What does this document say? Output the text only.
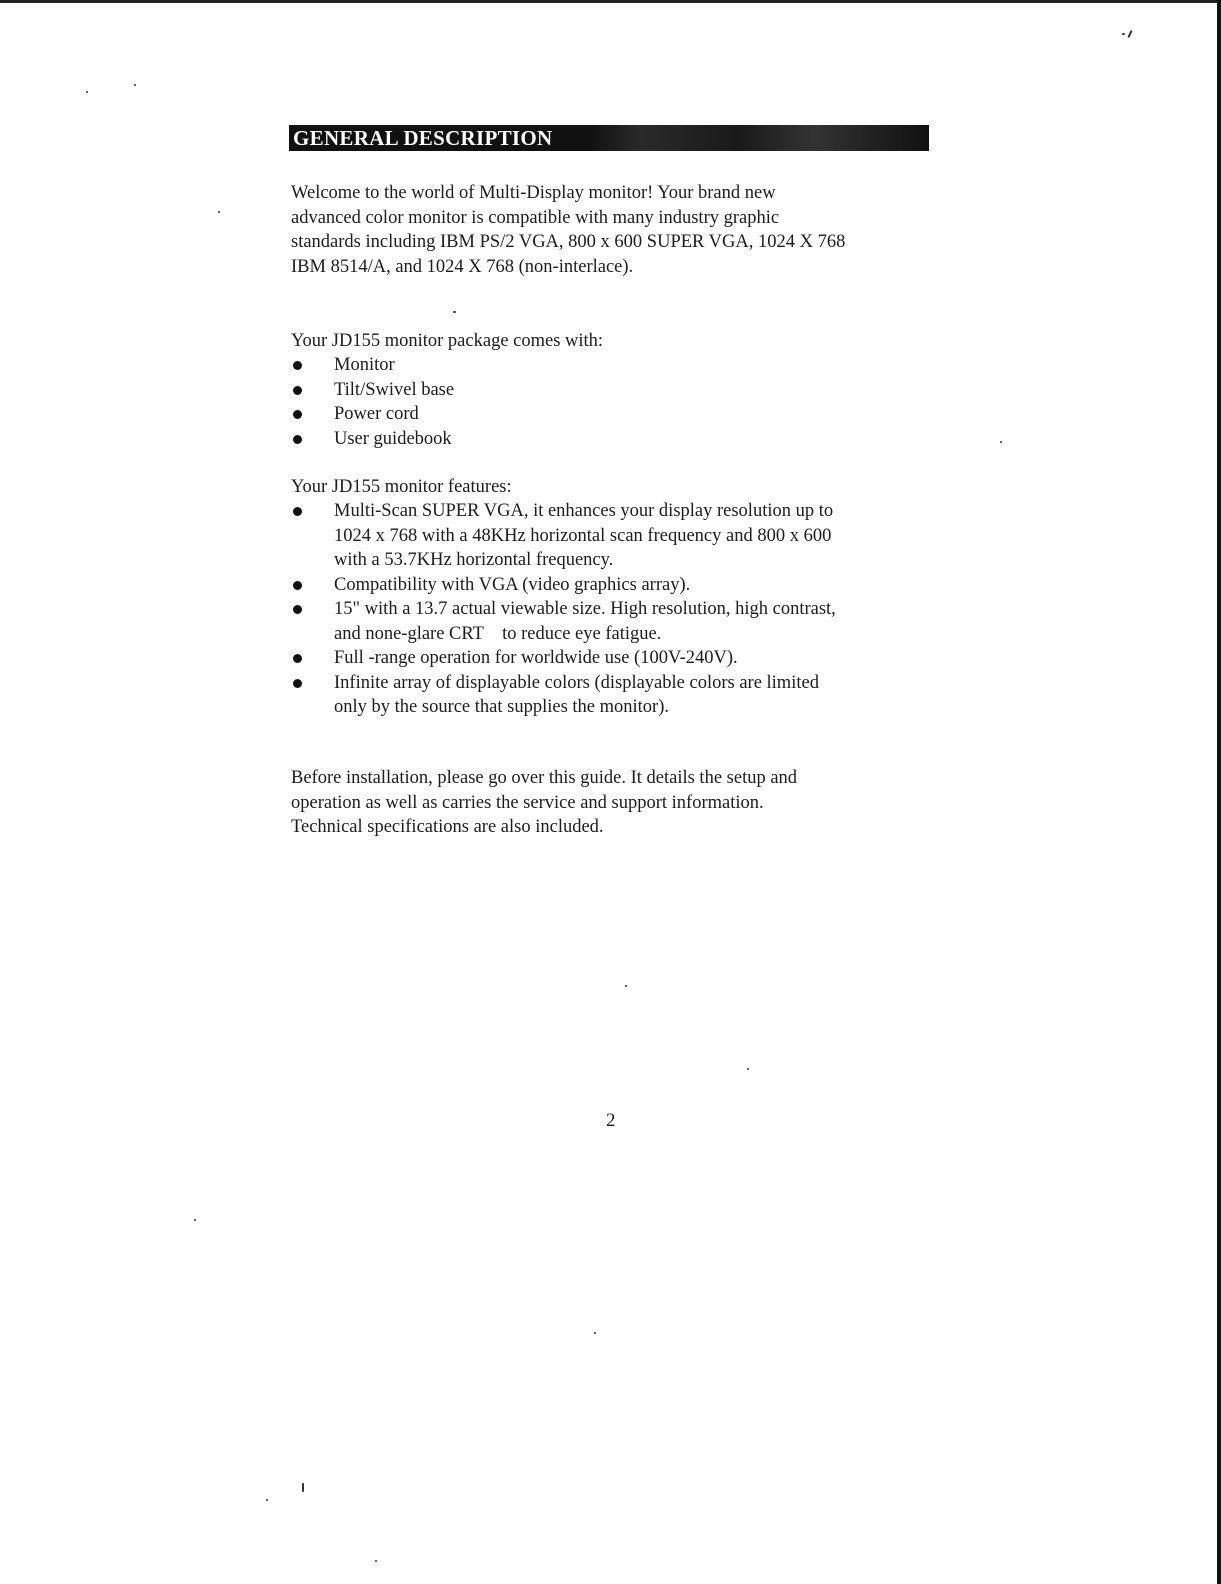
GENERAL DESCRIPTION
Welcome to the world of Multi-Display monitor! Your brand new
advanced color monitor is compatible with many industry graphic
standards including IBM PS/2 VGA, 800 x 600 SUPER VGA, 1024 X 768
IBM 8514/A, and 1024 X 768 (non-interlace).
Your JD155 monitor package comes with:
Monitor
Tilt/Swivel base
Power cord
User guidebook
Your JD155 monitor features:
Multi-Scan SUPER VGA, it enhances your display resolution up to
1024 x 768 with a 48KHz horizontal scan frequency and 800 x 600
with a 53.7KHz horizontal frequency.
Compatibility with VGA (video graphics array).
15" with a 13.7 actual viewable size. High resolution, high contrast,
and none-glare CRT    to reduce eye fatigue.
Full -range operation for worldwide use (100V-240V).
Infinite array of displayable colors (displayable colors are limited
only by the source that supplies the monitor).
Before installation, please go over this guide. It details the setup and
operation as well as carries the service and support information.
Technical specifications are also included.
2
